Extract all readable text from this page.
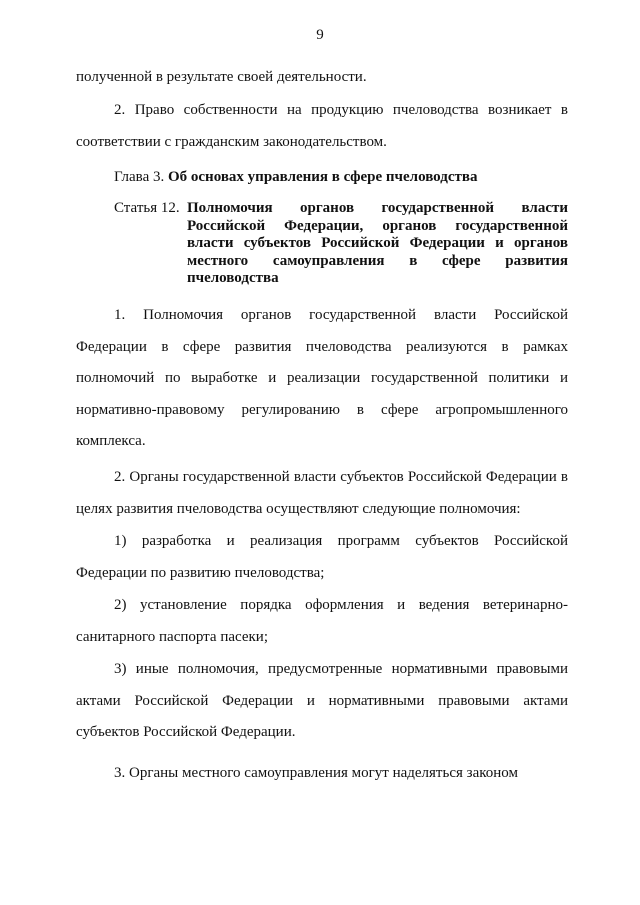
9

полученной в результате своей деятельности.

2. Право собственности на продукцию пчеловодства возникает в соответствии с гражданским законодательством.

Глава 3. Об основах управления в сфере пчеловодства

Статья 12. Полномочия органов государственной власти Российской Федерации, органов государственной власти субъектов Российской Федерации и органов местного самоуправления в сфере развития пчеловодства

1. Полномочия органов государственной власти Российской Федерации в сфере развития пчеловодства реализуются в рамках полномочий по выработке и реализации государственной политики и нормативно-правовому регулированию в сфере агропромышленного комплекса.

2. Органы государственной власти субъектов Российской Федерации в целях развития пчеловодства осуществляют следующие полномочия:

1) разработка и реализация программ субъектов Российской Федерации по развитию пчеловодства;

2) установление порядка оформления и ведения ветеринарно-санитарного паспорта пасеки;

3) иные полномочия, предусмотренные нормативными правовыми актами Российской Федерации и нормативными правовыми актами субъектов Российской Федерации.

3. Органы местного самоуправления могут наделяться законом
